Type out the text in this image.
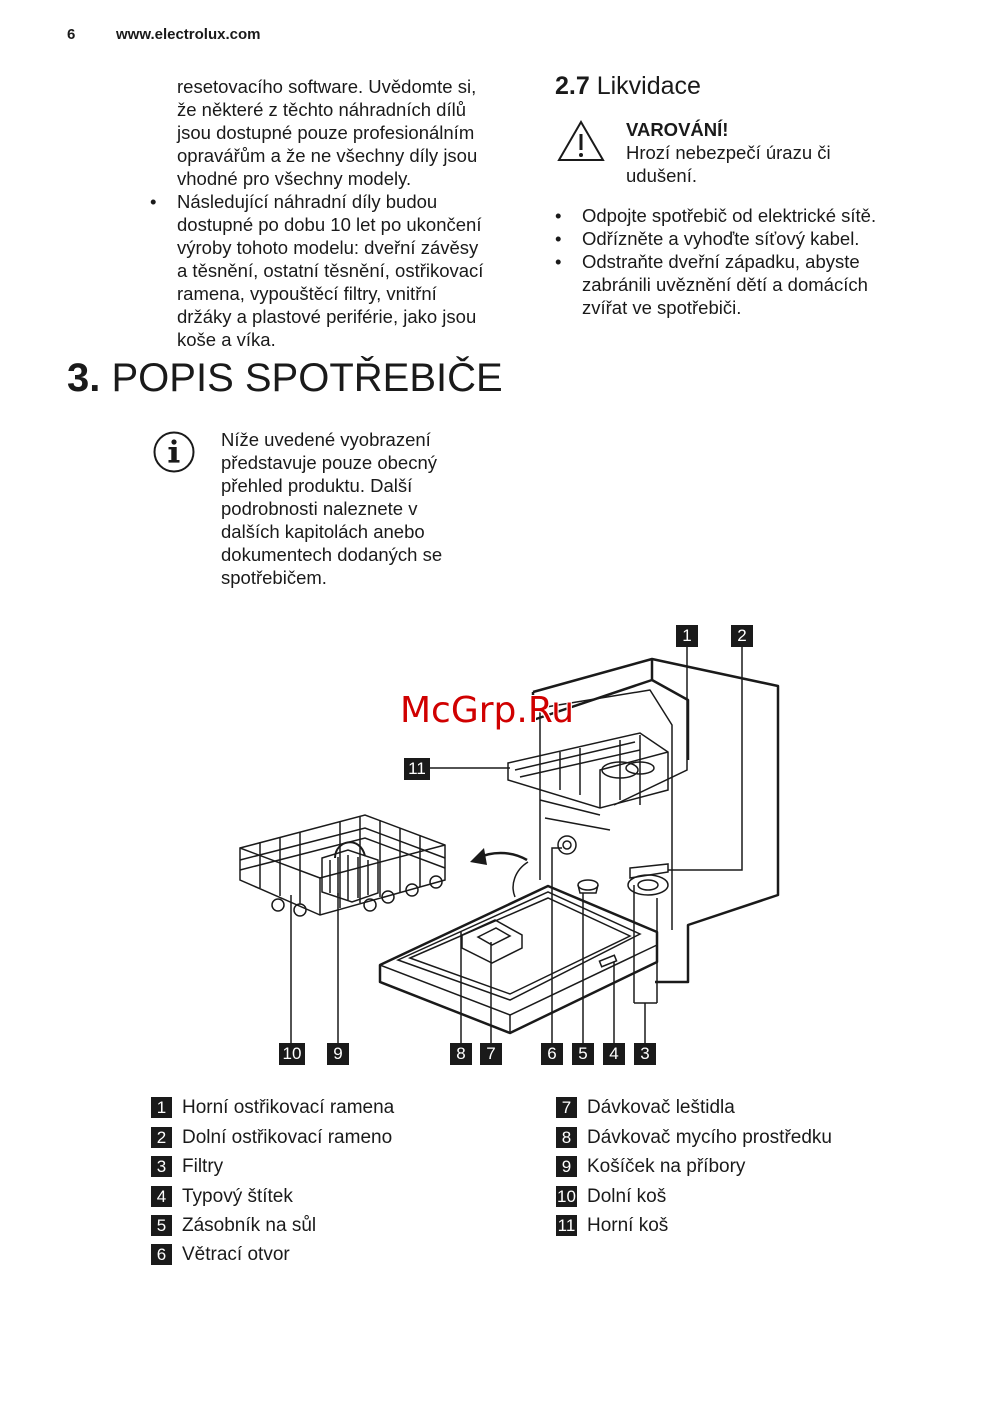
6	www.electrolux.com

resetovacího software. Uvědomte si,

že některé z těchto náhradních dílů

jsou dostupné pouze profesionálním

opravářům a že ne všechny díly jsou

vhodné pro všechny modely.

• Následující náhradní díly budou

dostupné po dobu 10 let po ukončení

výroby tohoto modelu: dveřní závěsy

a těsnění, ostatní těsnění, ostřikovací

ramena, vypouštěcí filtry, vnitřní

držáky a plastové periférie, jako jsou

koše a víka.

2.7 Likvidace

VAROVÁNÍ!

Hrozí nebezpečí úrazu či

udušení.

• Odpojte spotřebič od elektrické sítě.

• Odřízněte a vyhoďte síťový kabel.

• Odstraňte dveřní západku, abyste

zabránili uvěznění dětí a domácích

zvířat ve spotřebiči.

3. POPIS SPOTŘEBIČE

Níže uvedené vyobrazení

představuje pouze obecný

přehled produktu. Další

podrobnosti naleznete v

dalších kapitolách anebo

dokumentech dodaných se

spotřebičem.

McGrp.Ru
1	2
11
10	9	8	7	6	5	4	3
1 Horní ostřikovací ramena
2 Dolní ostřikovací rameno
3 Filtry
4 Typový štítek
5 Zásobník na sůl
6 Větrací otvor
7 Dávkovač leštidla
8 Dávkovač mycího prostředku
9 Košíček na příbory
10 Dolní koš
11 Horní koš
